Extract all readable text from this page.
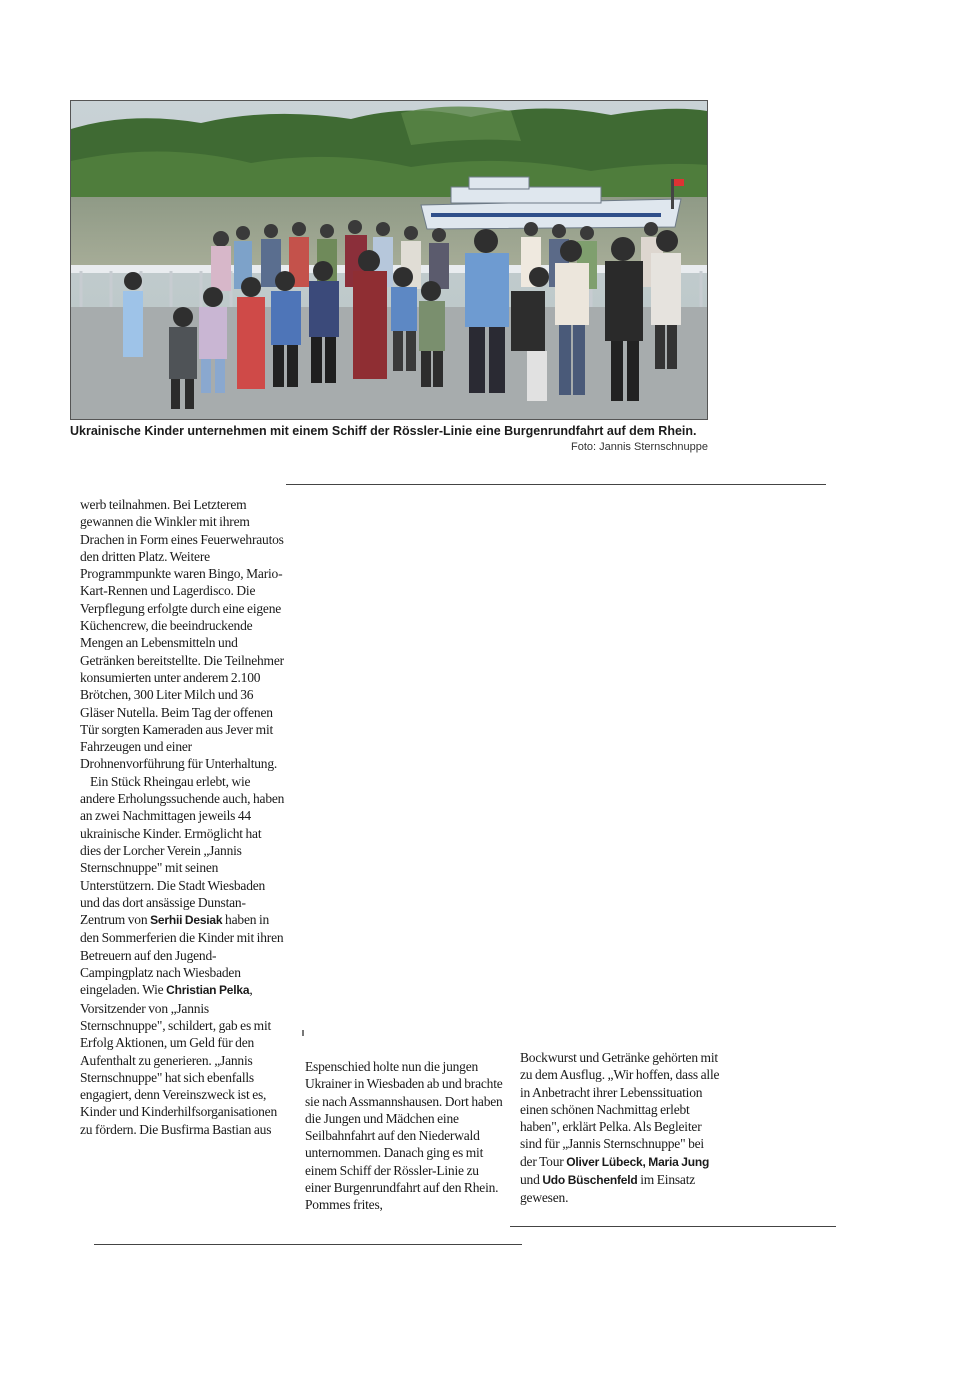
Ukrainische Kinder unternehmen mit einem Schiff der Rössler-Linie eine Burgenrundfahrt auf dem Rhein.
Foto: Jannis Sternschnuppe

werb teilnahmen. Bei Letzterem gewannen die Winkler mit ihrem Drachen in Form eines Feuerwehrautos den dritten Platz. Weitere Programmpunkte waren Bingo, Mario-Kart-Rennen und Lagerdisco. Die Verpflegung erfolgte durch eine eigene Küchencrew, die beeindruckende Mengen an Lebensmitteln und Getränken bereitstellte. Die Teilnehmer konsumierten unter anderem 2.100 Brötchen, 300 Liter Milch und 36 Gläser Nutella. Beim Tag der offenen Tür sorgten Kameraden aus Jever mit Fahrzeugen und einer Drohnenvorführung für Unterhaltung.

Ein Stück Rheingau erlebt, wie andere Erholungssuchende auch, haben an zwei Nachmittagen jeweils 44 ukrainische Kinder. Ermöglicht hat dies der Lorcher Verein „Jannis Sternschnuppe" mit seinen Unterstützern. Die Stadt Wiesbaden und das dort ansässige Dunstan-Zentrum von Serhii Desiak haben in den Sommerferien die Kinder mit ihren Betreuern auf den Jugend-Campingplatz nach Wiesbaden eingeladen. Wie Christian Pelka, Vorsitzender von „Jannis Sternschnuppe", schildert, gab es mit Erfolg Aktionen, um Geld für den Aufenthalt zu generieren. „Jannis Sternschnuppe" hat sich ebenfalls engagiert, denn Vereinszweck ist es, Kinder und Kinderhilfsorganisationen zu fördern. Die Busfirma Bastian aus

Espenschied holte nun die jungen Ukrainer in Wiesbaden ab und brachte sie nach Assmannshausen. Dort haben die Jungen und Mädchen eine Seilbahnfahrt auf den Niederwald unternommen. Danach ging es mit einem Schiff der Rössler-Linie zu einer Burgenrundfahrt auf den Rhein. Pommes frites,

Bockwurst und Getränke gehörten mit zu dem Ausflug. „Wir hoffen, dass alle in Anbetracht ihrer Lebenssituation einen schönen Nachmittag erlebt haben", erklärt Pelka. Als Begleiter sind für „Jannis Sternschnuppe" bei der Tour Oliver Lübeck, Maria Jung und Udo Büschenfeld im Einsatz gewesen.
